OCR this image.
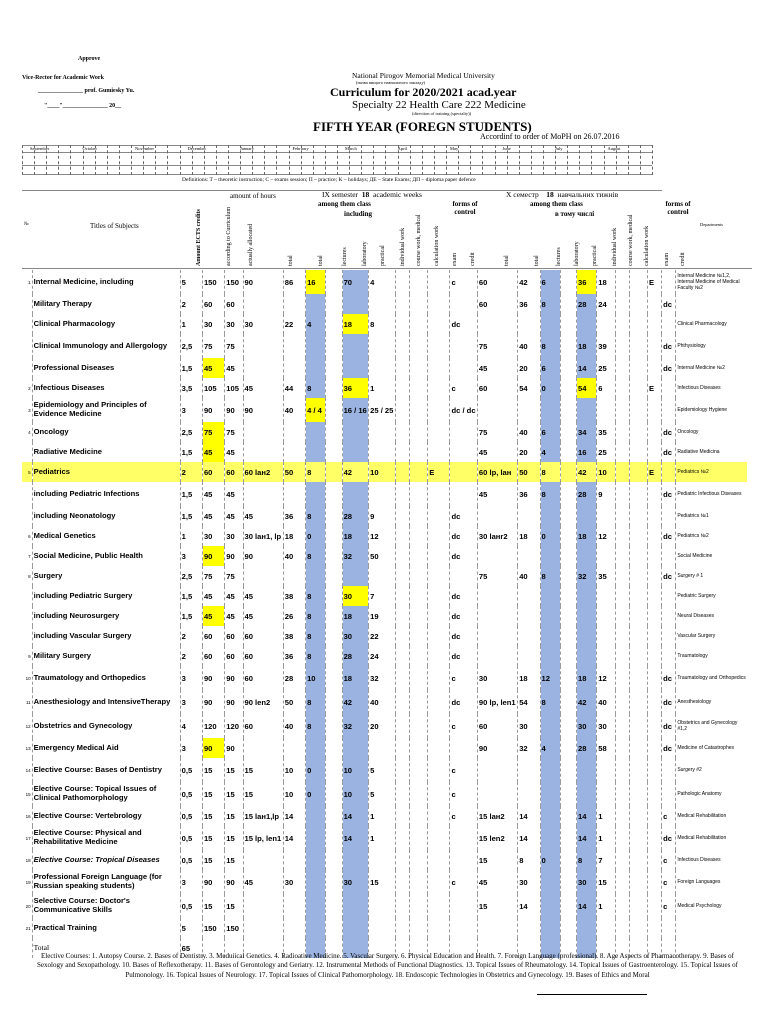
Approve
Vice-Rector for Academic Work
_______________ prof. Gumiesky Yu.
"____"_______________ 20__
National Pirogov Memorial Medical University
(назва вищого навчального закладу)
Curriculum for 2020/2021 acad.year
Specialty 22 Health Care 222 Medicine
(direction of training (specialty))
FIFTH YEAR (FOREGN STUDENTS)
Accordinf to order of MoPH on 26.07.2016
September	October	November	December	January	February	March	April	May	June	July	August
Definitions: T – theoretic instruction; C – exams session; П – practice; K – holidays; ДE – State Exams; ДП – diploma paper defence
№	Titles of Subjects
amount of hours	IX semester 18 academic weeks
among them class
including
forms of control
X семестр 18 навчальних тижнів
among them class
в тому числі
forms of control
Departments
Amount ECTS credits	according to Curriculum	actually allocated	total	total	lectures laboratory practical individual work course work, medical calculation work exam credit	total	total	lectures laboratory practical individual work course work, medical calculation work exam credit
1	Internal Medicine, including	5	150	150	90	86	16		70	4				c	60	42	6		36	18			E		Internal Medicine №1,2, Internal Medicine of Medical Faculty №2
	Military Therapy	2	60	60											60	36	8		28	24				dc	
	Clinical Pharmacology	1	30	30	30	22	4		18	8				dc											Clinical Pharmacology
	Clinical Immunology and Allergology	2,5	75	75											75	40	8		18	39				dc	Phthysiology
	Professional Diseases	1,5	45	45											45	20	6		14	25				dc	Internal Medicine №2
2	Infectious Diseases	3,5	105	105	45	44	8		36	1				c	60	54	0		54	6			E		Infectious Diseases
3	Epidemiology and Principles of Evidence Medicine	3	90	90	90	40	4 / 4		16 / 16	25 / 25				dc / dc											Epidemiology Hygiene
4	Oncology	2,5	75	75											75	40	6		34	35				dc	Oncology
	Radiative Medicine	1,5	45	45											45	20	4		16	25				dc	Radiative Medicina
5	Pediatrics	2	60	60	60 laн2	50	8		42	10			E		60 lp, laн	50	8		42	10			E		Pediatrics №2
	including Pediatric Infections	1,5	45	45											45	36	8		28	9				dc	Pediatric Infectious Diseases
	including Neonatology	1,5	45	45	45	36	8		28	9				dc											Pediatrics №1
6	Medical Genetics	1	30	30	30 laн1, lp	18	0		18	12				dc	30 laнr2	18	0		18	12				dc	Pediatrics №2
7	Social Medicine, Public Health	3	90	90	90	40	8		32	50				dc											Social Medicine
8	Surgery	2,5	75	75											75	40	8		32	35				dc	Surgery # 1
	including Pediatric Surgery	1,5	45	45	45	38	8		30	7				dc											Pediatric Surgery
	including Neurosurgery	1,5	45	45	45	26	8		18	19				dc											Neural Diseases
	including Vascular Surgery	2	60	60	60	38	8		30	22				dc											Vascular Surgery
9	Military Surgery	2	60	60	60	36	8		28	24				dc											Traumatology
10	Traumatology and Orthopedics	3	90	90	60	28	10		18	32				c	30	18	12		18	12				dc	Traumatology and Orthopedics
11	Anesthesiology and IntensiveTherapy	3	90	90	90 len2	50	8		42	40				dc	90 lp, len1	54	8		42	40				dc	Anesthesiology
12	Obstetrics and Gynecology	4	120	120	60	40	8		32	20				c	60	30			30	30				dc	Obstetrics and Gynecology #1,2
13	Emergency Medical Aid	3	90	90											90	32	4		28	58				dc	Medicine of Catastrophes
14	Elective Course: Bases of Dentistry	0,5	15	15	15	10	0		10	5				c											Surgery #2
15	Elective Course: Topical Issues of Clinical Pathomorphology	0,5	15	15	15	10	0		10	5				c											Pathologic Anatomy
16	Elective Course: Vertebrology	0,5	15	15	15 laн1,lp	14			14	1				c	15 laн2	14			14	1				c	Medical Rehabilitation
17	Elective Course: Physical and Rehabilitative Medicine	0,5	15	15	15 lp, len1	14			14	1					15 len2	14			14	1				dc	Medical Rehabilitation
18	Elective Course: Tropical Diseases	0,5	15	15											15	8	0		8	7				c	Infectious Diseases
19	Professional Foreign Language (for Russian speaking students)	3	90	90	45	30			30	15				c	45	30			30	15				c	Foreign Languages
20	Selective Course: Doctor's Communicative Skills	0,5	15	15											15	14			14	1				c	Medical Psychology
21	Practical Training	5	150	150																					
	Total	65																							
Elective Courses: 1. Autopsy Course. 2. Bases of Dentistry. 3. Meduiical Genetics. 4. Radioative Medicine. 5. Vascular Surgery. 6. Physical Education and Health. 7. Foreign Language (professional). 8. Age Aspects of Pharmacotherapy. 9. Bases of Sexology and Sexopathology. 10. Bases of Reflexotherapy. 11. Bases of Gerontology and Geriatry. 12. Instrumental Methods of Functional Diagnostics. 13. Topical Issues of Rheumatology. 14. Topical Issues of Gastroenterology. 15. Topical Issues of Pulmonology. 16. Topical Issues of Neurology. 17. Topical Issues of Clinical Pathomorphology. 18. Endoscopic Technologies in Obstetrics and Gynecology. 19. Bases of Ethics and Moral
